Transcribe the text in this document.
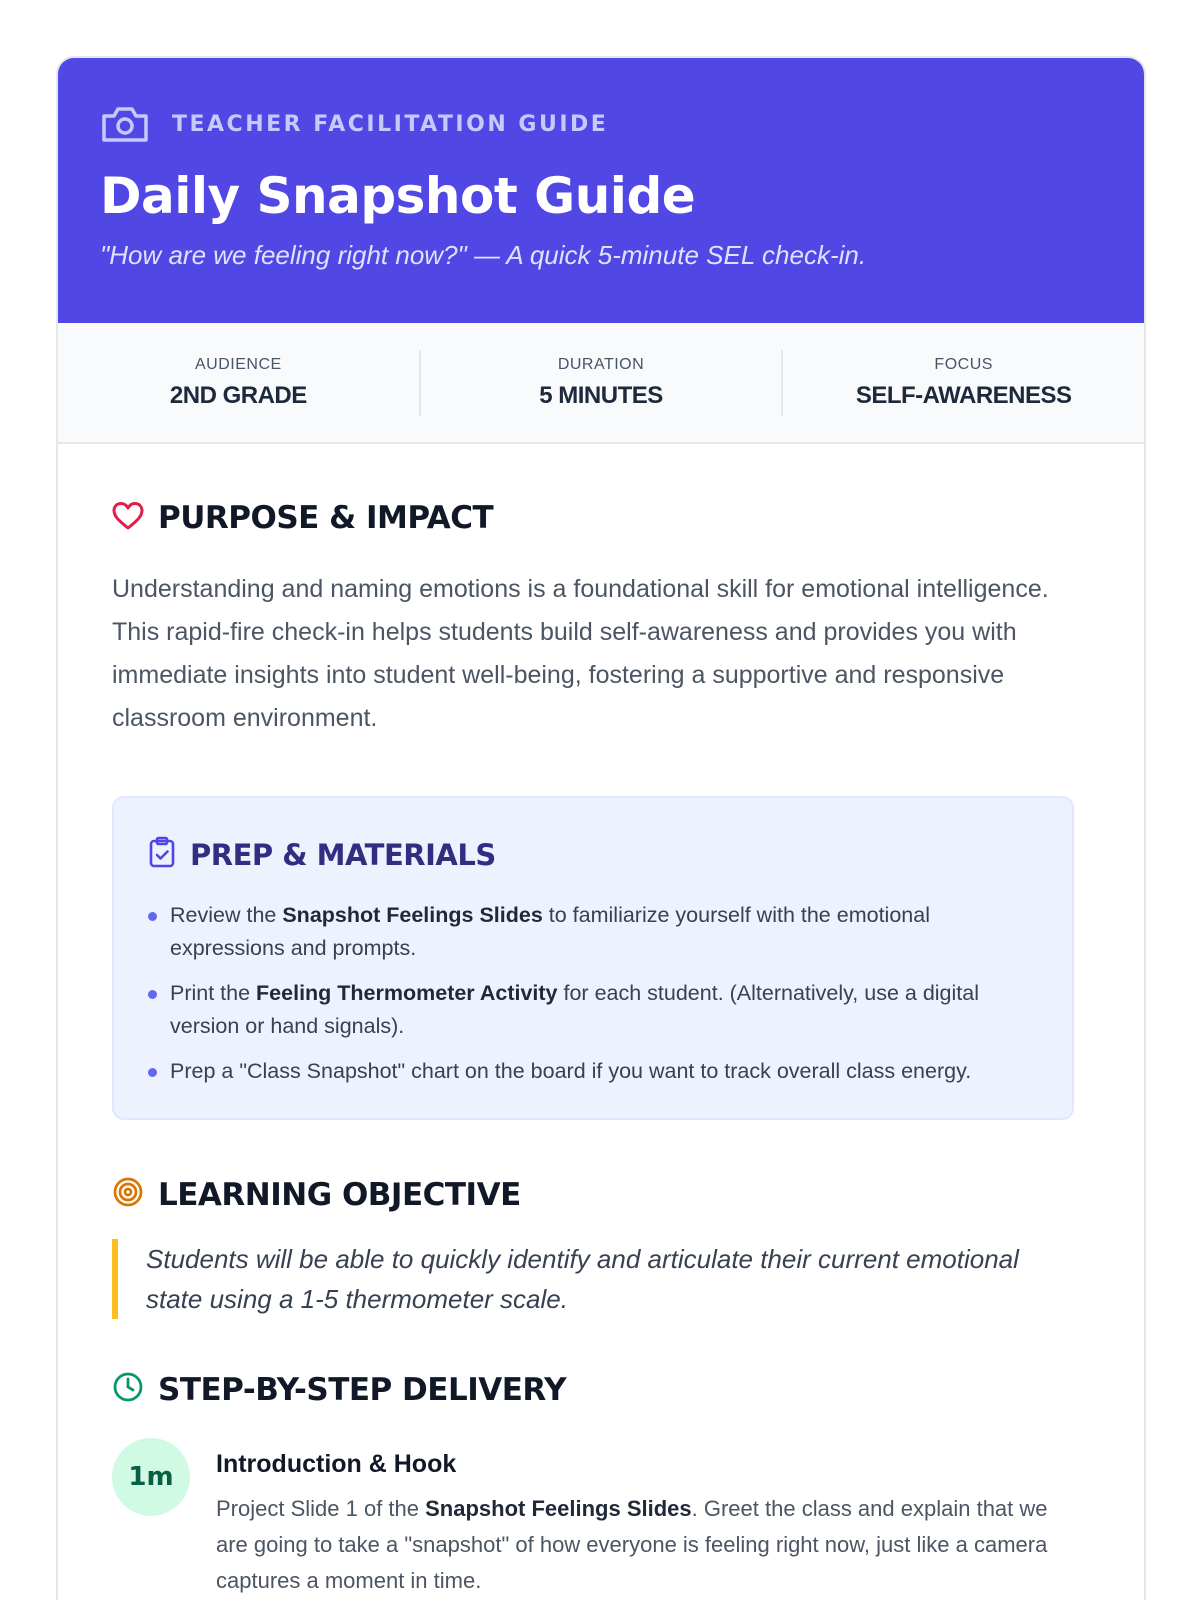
TEACHER FACILITATION GUIDE
Daily Snapshot Guide

"How are we feeling right now?" — A quick 5-minute SEL check-in.

AUDIENCE
2ND GRADE
DURATION
5 MINUTES
FOCUS
SELF-AWARENESS
PURPOSE & IMPACT

Understanding and naming emotions is a foundational skill for emotional intelligence. This rapid-fire check-in helps students build self-awareness and provides you with immediate insights into student well-being, fostering a supportive and responsive classroom environment.

PREP & MATERIALS
Review the Snapshot Feelings Slides to familiarize yourself with the emotional expressions and prompts.
Print the Feeling Thermometer Activity for each student. (Alternatively, use a digital version or hand signals).
Prep a "Class Snapshot" chart on the board if you want to track overall class energy.
LEARNING OBJECTIVE

Students will be able to quickly identify and articulate their current emotional state using a 1-5 thermometer scale.

STEP-BY-STEP DELIVERY
1m	Introduction & Hook

Project Slide 1 of the Snapshot Feelings Slides. Greet the class and explain that we are going to take a "snapshot" of how everyone is feeling right now, just like a camera captures a moment in time.
